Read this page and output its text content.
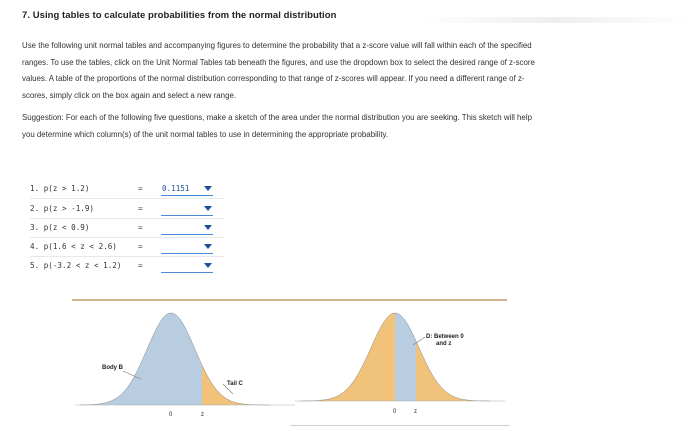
7. Using tables to calculate probabilities from the normal distribution
Use the following unit normal tables and accompanying figures to determine the probability that a z-score value will fall within each of the specified
ranges. To use the tables, click on the Unit Normal Tables tab beneath the figures, and use the dropdown box to select the desired range of z-score
values. A table of the proportions of the normal distribution corresponding to that range of z-scores will appear. If you need a different range of z-
scores, simply click on the box again and select a new range.
Suggestion: For each of the following five questions, make a sketch of the area under the normal distribution you are seeking. This sketch will help
you determine which column(s) of the unit normal tables to use in determining the appropriate probability.
1. p(z > 1.2)	=	0.1151
2. p(z > -1.9)	=
3. p(z < 0.9)	=
4. p(1.6 < z < 2.6)	=
5. p(-3.2 < z < 1.2)	=
Body B
Tail C
0	z
D: Between 0
and z
0	z
